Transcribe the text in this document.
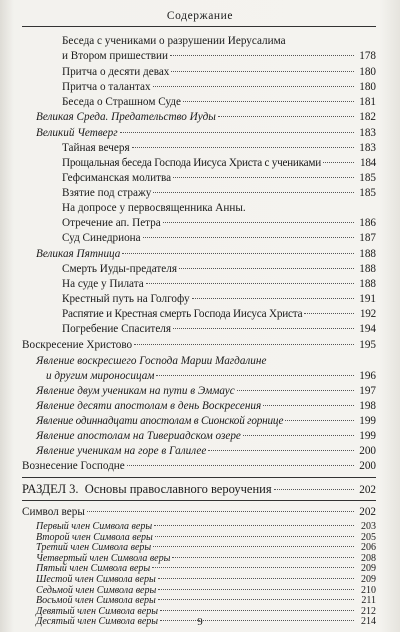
Содержание
Беседа с учениками о разрушении Иерусалима
и Втором пришествии	178
Притча о десяти девах	180
Притча о талантах	180
Беседа о Страшном Суде	181
Великая Среда. Предательство Иуды	182
Великий Четверг	183
Тайная вечеря	183
Прощальная беседа Господа Иисуса Христа с учениками	184
Гефсиманская молитва	185
Взятие под стражу	185
На допросе у первосвященника Анны.
Отречение ап. Петра	186
Суд Синедриона	187
Великая Пятница	188
Смерть Иуды-предателя	188
На суде у Пилата	188
Крестный путь на Голгофу	191
Распятие и Крестная смерть Господа Иисуса Христа	192
Погребение Спасителя	194
Воскресение Христово	195
Явление воскресшего Господа Марии Магдалине
и другим мироносицам	196
Явление двум ученикам на пути в Эммаус	197
Явление десяти апостолам в день Воскресения	198
Явление одиннадцати апостолам в Сионской горнице	199
Явление апостолам на Тивериадском озере	199
Явление ученикам на горе в Галилее	200
Вознесение Господне	200
РАЗДЕЛ 3.  Основы православного вероучения	202
Символ веры	202
Первый член Символа веры	203
Второй член Символа веры	205
Третий член Символа веры	206
Четвертый член Символа веры	208
Пятый член Символа веры	209
Шестой член Символа веры	209
Седьмой член Символа веры	210
Восьмой член Символа веры	211
Девятый член Символа веры	212
Десятый член Символа веры	214
9
